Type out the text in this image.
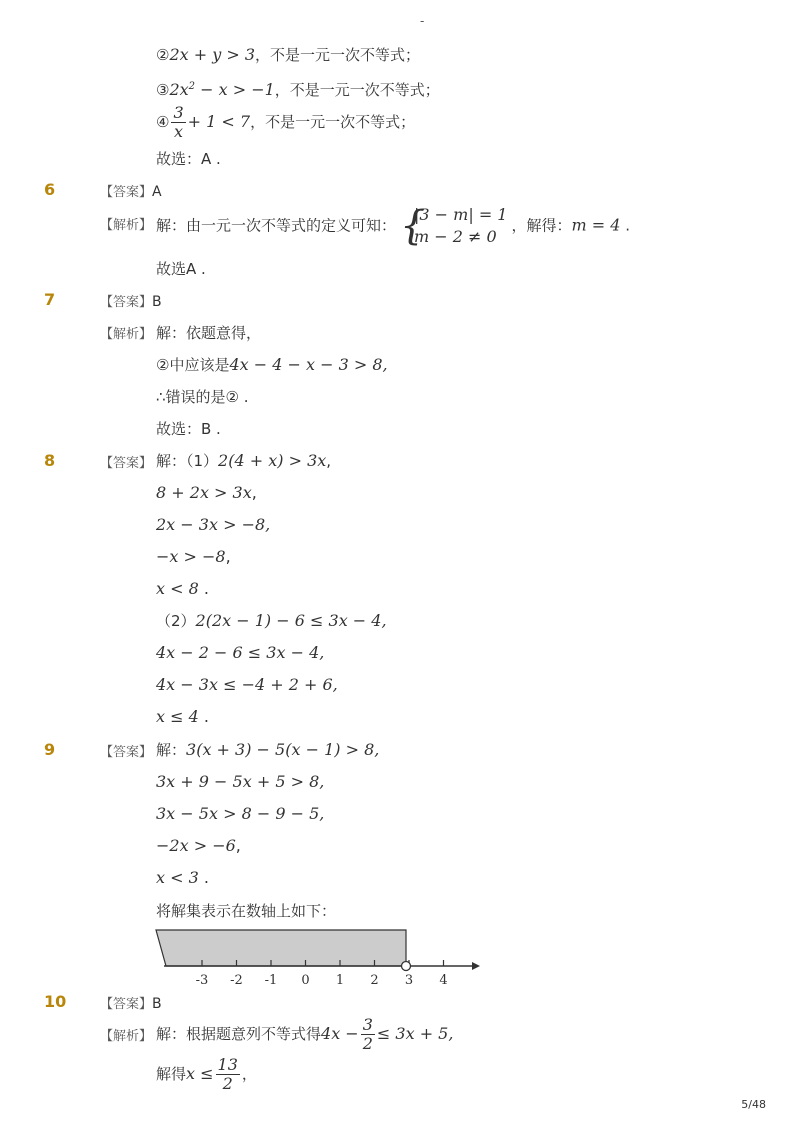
-
②2x + y > 3，不是一元一次不等式；
$③2x^2 - x > -1$，不是一元一次不等式；
④ $\frac{3}{x} + 1 < 7$，不是一元一次不等式；
故选：A .
6	【答案】A
【解析】 解：由一元一次不等式的定义可知： {
|3 − m| = 1
m − 2 ≠ 0
，解得：m = 4 .
故选A .
7	【答案】B
【解析】 解：依题意得，
②中应该是4x − 4 − x − 3 > 8,
∴错误的是② .
故选：B .
8	【答案】 解：（1）2(4 + x) > 3x,
8 + 2x > 3x,
2x − 3x > −8,
−x > −8,
x < 8 .
（2）2(2x − 1) − 6 ≤ 3x − 4,
4x − 2 − 6 ≤ 3x − 4,
4x − 3x ≤ −4 + 2 + 6,
x ≤ 4 .
9	【答案】 解：3(x + 3) − 5(x − 1) > 8,
3x + 9 − 5x + 5 > 8,
3x − 5x > 8 − 9 − 5,
−2x > −6,
x < 3 .
将解集表示在数轴上如下：
-3 -2 -1 0 1 2 3 4
10	【答案】B
【解析】 解：根据题意列不等式得$4x - \frac{3}{2} \le 3x + 5$,
解得$x \le \frac{13}{2}$ ，
5/48
